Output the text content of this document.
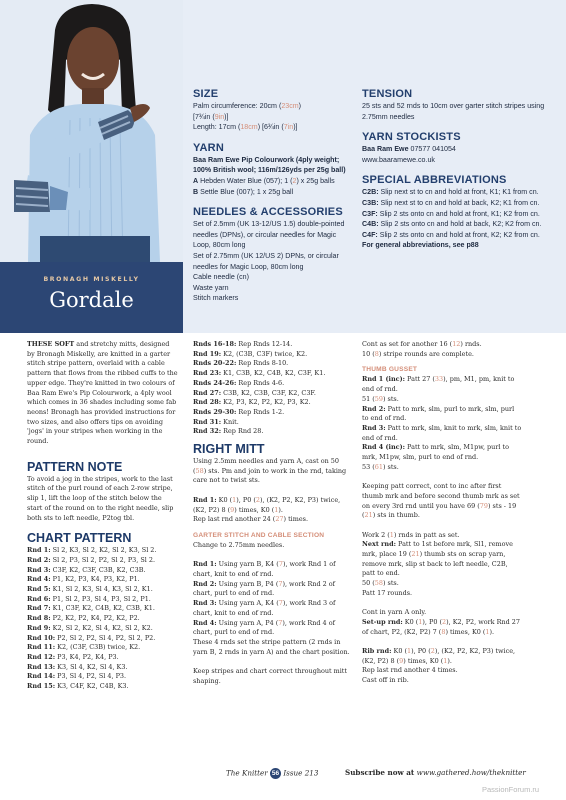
BRONAGH MISKELLY
Gordale
SIZE

Palm circumference: 20cm (23cm)

[7¾in (9in)]

Length: 17cm (18cm) [6¾in (7in)]

YARN

Baa Ram Ewe Pip Colourwork (4ply weight; 100% British wool; 116m/126yds per 25g ball)

A Hebden Water Blue (057); 1 (2) x 25g balls

B Settle Blue (007); 1 x 25g ball

NEEDLES & ACCESSORIES

Set of 2.5mm (UK 13-12/US 1.5) double-pointed needles (DPNs), or circular needles for Magic Loop, 80cm long

Set of 2.75mm (UK 12/US 2) DPNs, or circular needles for Magic Loop, 80cm long

Cable needle (cn)

Waste yarn

Stitch markers

TENSION

25 sts and 52 rnds to 10cm over garter stitch stripes using 2.75mm needles

YARN STOCKISTS

Baa Ram Ewe 07577 041054

www.baaramewe.co.uk

SPECIAL ABBREVIATIONS

C2B: Slip next st to cn and hold at front, K1; K1 from cn.

C3B: Slip next st to cn and hold at back, K2; K1 from cn.

C3F: Slip 2 sts onto cn and hold at front, K1; K2 from cn.

C4B: Slip 2 sts onto cn and hold at back, K2; K2 from cn.

C4F: Slip 2 sts onto cn and hold at front, K2; K2 from cn.

For general abbreviations, see p88

THESE SOFT and stretchy mitts, designed by Bronagh Miskelly, are knitted in a garter stitch stripe pattern, overlaid with a cable pattern that flows from the ribbed cuffs to the upper edge. They're knitted in two colours of Baa Ram Ewe's Pip Colourwork, a 4ply wool which comes in 36 shades including some fab neons! Bronagh has provided instructions for two sizes, and also offers tips on avoiding 'jogs' in your stripes when working in the round.

PATTERN NOTE

To avoid a jog in the stripes, work to the last stitch of the purl round of each 2-row stripe, slip 1, lift the loop of the stitch below the start of the round on to the right needle, slip both sts to left needle, P2tog tbl.

CHART PATTERN

Rnd 1: Sl 2, K3, Sl 2, K2, Sl 2, K3, Sl 2.

Rnd 2: Sl 2, P3, Sl 2, P2, Sl 2, P3, Sl 2.

Rnd 3: C3F, K2, C3F, C3B, K2, C3B.

Rnd 4: P1, K2, P3, K4, P3, K2, P1.

Rnd 5: K1, Sl 2, K3, Sl 4, K3, Sl 2, K1.

Rnd 6: P1, Sl 2, P3, Sl 4, P3, Sl 2, P1.

Rnd 7: K1, C3F, K2, C4B, K2, C3B, K1.

Rnd 8: P2, K2, P2, K4, P2, K2, P2.

Rnd 9: K2, Sl 2, K2, Sl 4, K2, Sl 2, K2.

Rnd 10: P2, Sl 2, P2, Sl 4, P2, Sl 2, P2.

Rnd 11: K2, (C3F, C3B) twice, K2.

Rnd 12: P3, K4, P2, K4, P3.

Rnd 13: K3, Sl 4, K2, Sl 4, K3.

Rnd 14: P3, Sl 4, P2, Sl 4, P3.

Rnd 15: K3, C4F, K2, C4B, K3.

Rnds 16-18: Rep Rnds 12-14.

Rnd 19: K2, (C3B, C3F) twice, K2.

Rnds 20-22: Rep Rnds 8-10.

Rnd 23: K1, C3B, K2, C4B, K2, C3F, K1.

Rnds 24-26: Rep Rnds 4-6.

Rnd 27: C3B, K2, C3B, C3F, K2, C3F.

Rnd 28: K2, P3, K2, P2, K2, P3, K2.

Rnds 29-30: Rep Rnds 1-2.

Rnd 31: Knit.

Rnd 32: Rep Rnd 28.

RIGHT MITT

Using 2.5mm needles and yarn A, cast on 50 (58) sts. Pm and join to work in the rnd, taking care not to twist sts.

Rnd 1: K0 (1), P0 (2), (K2, P2, K2, P3) twice, (K2, P2) 8 (9) times, K0 (1).

Rep last rnd another 24 (27) times.

GARTER STITCH AND CABLE SECTION

Change to 2.75mm needles.

Rnd 1: Using yarn B, K4 (7), work Rnd 1 of chart, knit to end of rnd.

Rnd 2: Using yarn B, P4 (7), work Rnd 2 of chart, purl to end of rnd.

Rnd 3: Using yarn A, K4 (7), work Rnd 3 of chart, knit to end of rnd.

Rnd 4: Using yarn A, P4 (7), work Rnd 4 of chart, purl to end of rnd.

These 4 rnds set the stripe pattern (2 rnds in yarn B, 2 rnds in yarn A) and the chart position.

Keep stripes and chart correct throughout mitt shaping.

Cont as set for another 16 (12) rnds.

10 (8) stripe rounds are complete.

THUMB GUSSET

Rnd 1 (inc): Patt 27 (33), pm, M1, pm, knit to end of rnd.

51 (59) sts.

Rnd 2: Patt to mrk, slm, purl to mrk, slm, purl to end of rnd.

Rnd 3: Patt to mrk, slm, knit to mrk, slm, knit to end of rnd.

Rnd 4 (inc): Patt to mrk, slm, M1pw, purl to mrk, M1pw, slm, purl to end of rnd.

53 (61) sts.

Keeping patt correct, cont to inc after first thumb mrk and before second thumb mrk as set on every 3rd rnd until you have 69 (79) sts - 19 (21) sts in thumb.

Work 2 (1) rnds in patt as set.

Next rnd: Patt to 1st before mrk, Sl1, remove mrk, place 19 (21) thumb sts on scrap yarn, remove mrk, slip st back to left needle, C2B, patt to end.

50 (58) sts.

Patt 17 rounds.

Cont in yarn A only.

Set-up rnd: K0 (1), P0 (2), K2, P2, work Rnd 27 of chart, P2, (K2, P2) 7 (8) times, K0 (1).

Rib rnd: K0 (1), P0 (2), (K2, P2, K2, P3) twice, (K2, P2) 8 (9) times, K0 (1).

Rep last rnd another 4 times.

Cast off in rib.

The Knitter 56 Issue 213	Subscribe now at www.gathered.how/theknitter
PassionForum.ru
